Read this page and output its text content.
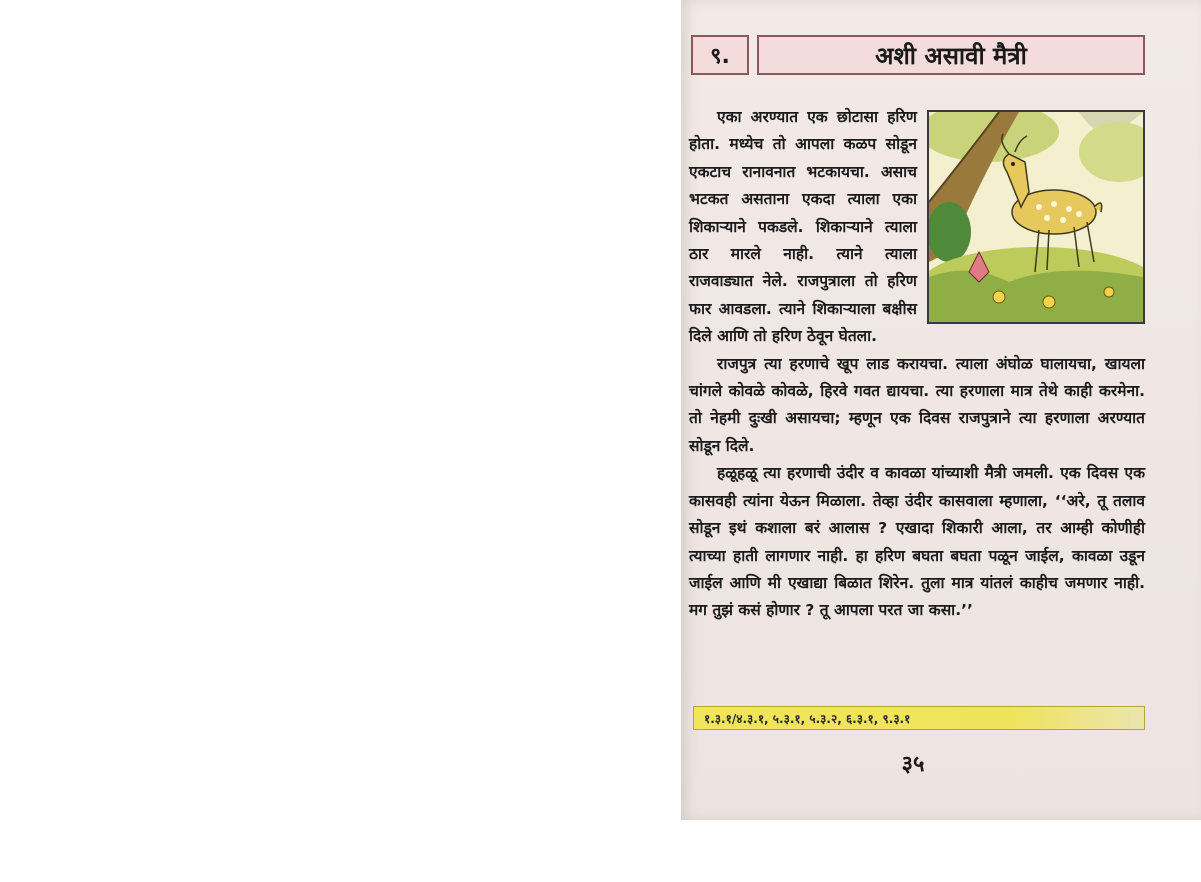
९.	अशी असावी मैत्री

एका अरण्यात एक छोटासा हरिण होता. मध्येच तो आपला कळप सोडून एकटाच रानावनात भटकायचा. असाच भटकत असताना एकदा त्याला एका शिकाऱ्याने पकडले. शिकाऱ्याने त्याला ठार मारले नाही. त्याने त्याला राजवाड्यात नेले. राजपुत्राला तो हरिण फार आवडला. त्याने शिकाऱ्याला बक्षीस दिले आणि तो हरिण ठेवून घेतला.

राजपुत्र त्या हरणाचे खूप लाड करायचा. त्याला अंघोळ घालायचा, खायला चांगले कोवळे कोवळे, हिरवे गवत द्यायचा. त्या हरणाला मात्र तेथे काही करमेना. तो नेहमी दुःखी असायचा; म्हणून एक दिवस राजपुत्राने त्या हरणाला अरण्यात सोडून दिले.

हळूहळू त्या हरणाची उंदीर व कावळा यांच्याशी मैत्री जमली. एक दिवस एक कासवही त्यांना येऊन मिळाला. तेव्हा उंदीर कासवाला म्हणाला, ‘‘अरे, तू तलाव सोडून इथं कशाला बरं आलास ? एखादा शिकारी आला, तर आम्ही कोणीही त्याच्या हाती लागणार नाही. हा हरिण बघता बघता पळून जाईल, कावळा उडून जाईल आणि मी एखाद्या बिळात शिरेन. तुला मात्र यांतलं काहीच जमणार नाही. मग तुझं कसं होणार ? तू आपला परत जा कसा.’’

१.३.१/४.३.१, ५.३.१, ५.३.२, ६.३.१, ९.३.१
३५
